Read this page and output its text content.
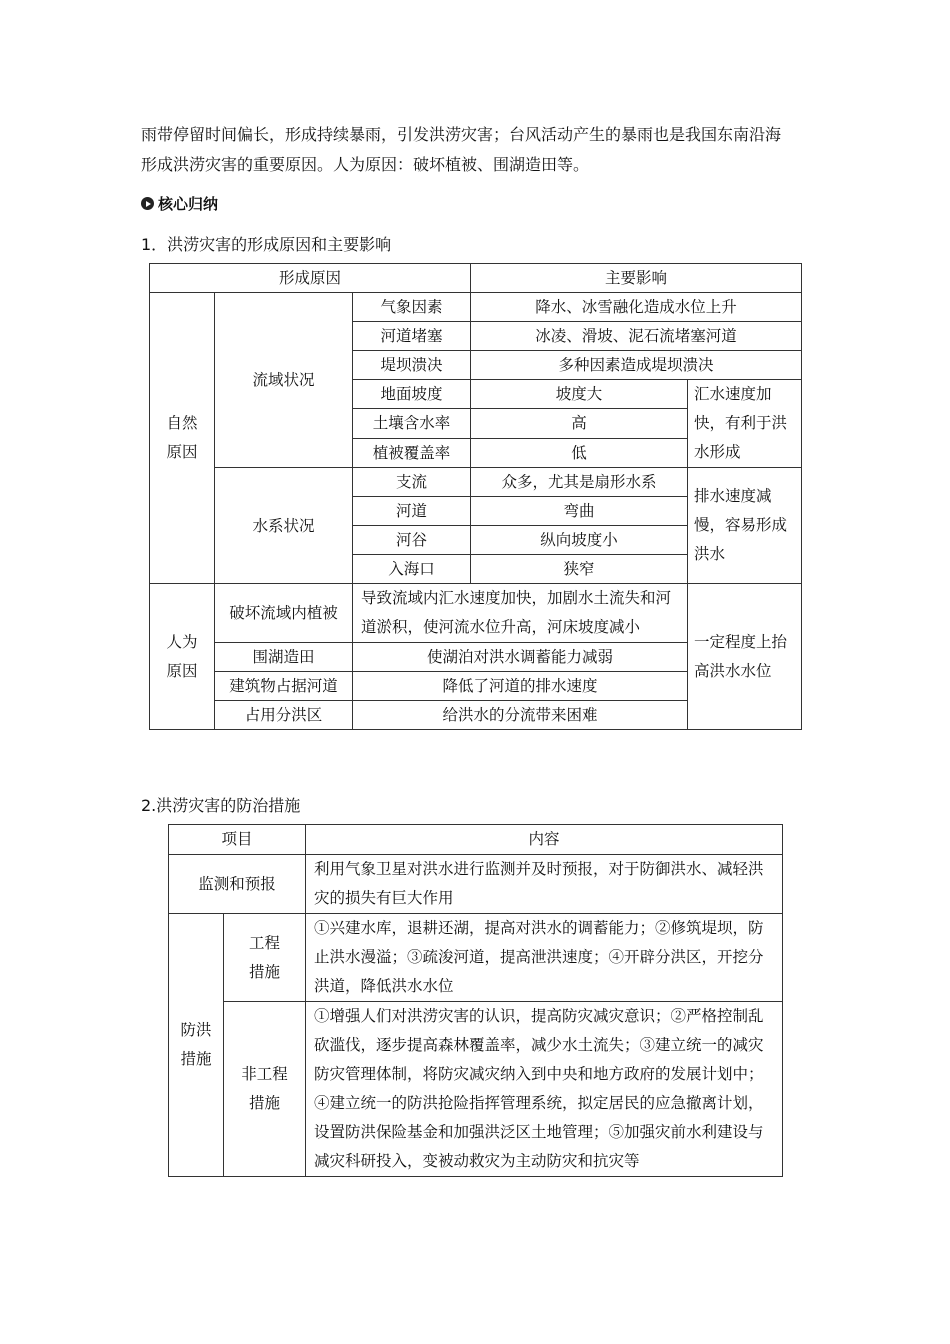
雨带停留时间偏长，形成持续暴雨，引发洪涝灾害；台风活动产生的暴雨也是我国东南沿海
形成洪涝灾害的重要原因。人为原因：破坏植被、围湖造田等。
核心归纳
1．洪涝灾害的形成原因和主要影响
形成原因			主要影响	
自然原因	流域状况	气象因素	降水、冰雪融化造成水位上升	
		河道堵塞	冰凌、滑坡、泥石流堵塞河道	
		堤坝溃决	多种因素造成堤坝溃决	
		地面坡度	坡度大	汇水速度加快，有利于洪水形成
		土壤含水率	高	
		植被覆盖率	低	
	水系状况	支流	众多，尤其是扇形水系	排水速度减慢，容易形成洪水
		河道	弯曲	
		河谷	纵向坡度小	
		入海口	狭窄	
人为原因	破坏流域内植被	导致流域内汇水速度加快，加剧水土流失和河道淤积，使河流水位升高，河床坡度减小		一定程度上抬高洪水水位
	围湖造田	使湖泊对洪水调蓄能力减弱		
	建筑物占据河道	降低了河道的排水速度		
	占用分洪区	给洪水的分流带来困难		
2.洪涝灾害的防治措施
项目		内容
监测和预报		利用气象卫星对洪水进行监测并及时预报，对于防御洪水、减轻洪灾的损失有巨大作用
防洪措施	工程措施	①兴建水库，退耕还湖，提高对洪水的调蓄能力；②修筑堤坝，防止洪水漫溢；③疏浚河道，提高泄洪速度；④开辟分洪区，开挖分洪道，降低洪水水位
	非工程措施	①增强人们对洪涝灾害的认识，提高防灾减灾意识；②严格控制乱砍滥伐，逐步提高森林覆盖率，减少水土流失；③建立统一的减灾防灾管理体制，将防灾减灾纳入到中央和地方政府的发展计划中；④建立统一的防洪抢险指挥管理系统，拟定居民的应急撤离计划，设置防洪保险基金和加强洪泛区土地管理；⑤加强灾前水利建设与减灾科研投入，变被动救灾为主动防灾和抗灾等
